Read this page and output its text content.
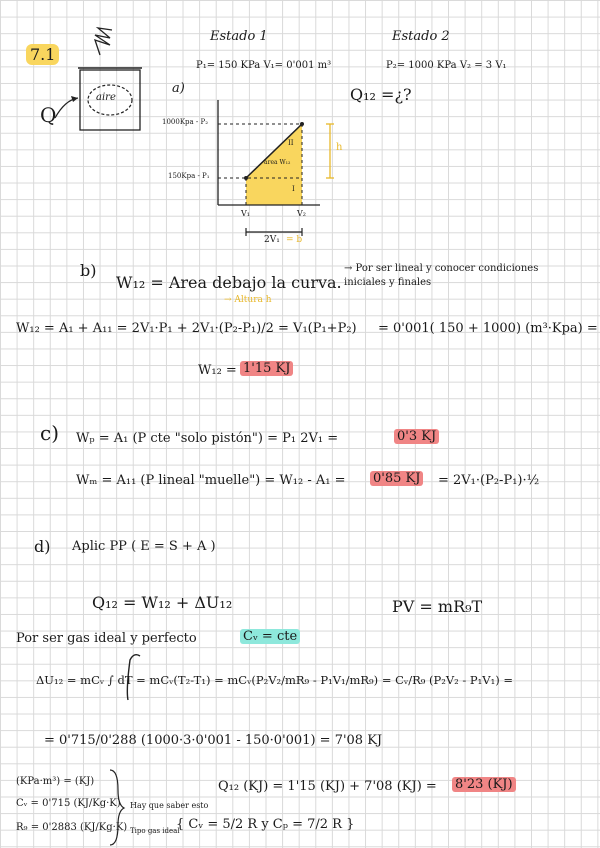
7.1
aire
Q
Estado 1
P₁= 150 KPa V₁= 0'001 m³
Estado 2
P₂= 1000 KPa V₂ = 3 V₁
a)	Q₁₂ =¿?
1000Kpa - P₂
150Kpa - P₁
V₁	V₂
2V₁ = b
h
I
II
área W₁₂
b)
W₁₂ = Area debajo la curva.
→ Por ser lineal y conocer condiciones iniciales y finales
→ Altura h
W₁₂ = A₁ + A₁₁ = 2V₁·P₁ + 2V₁·(P₂-P₁)/2 = V₁(P₁+P₂) = 0'001( 150 + 1000) (m³·Kpa) =
W₁₂ = 1'15 KJ
c) Wₚ = A₁ (P cte "solo pistón") = P₁ 2V₁ =	0'3 KJ
Wₘ = A₁₁ (P lineal "muelle") = W₁₂ - A₁ = 0'85 KJ = 2V₁·(P₂-P₁)·½
d) Aplic PP ( E = S + A )
Q₁₂ = W₁₂ + ΔU₁₂	PV = mR₉T
Por ser gas ideal y perfecto	Cᵥ = cte
ΔU₁₂ = mCᵥ ∫ dT = mCᵥ(T₂-T₁) = mCᵥ(P₂V₂/mR₉ - P₁V₁/mR₉) = Cᵥ/R₉ (P₂V₂ - P₁V₁) =
= 0'715/0'288 (1000·3·0'001 - 150·0'001) = 7'08 KJ
(KPa·m³) = (KJ)
Cᵥ = 0'715 (KJ/Kg·K)
R₉ = 0'2883 (KJ/Kg·K)
Hay que saber esto
Tipo gas ideal
{ Cᵥ = 5/2 R y Cₚ = 7/2 R }
Q₁₂ (KJ) = 1'15 (KJ) + 7'08 (KJ) = 8'23 (KJ)
